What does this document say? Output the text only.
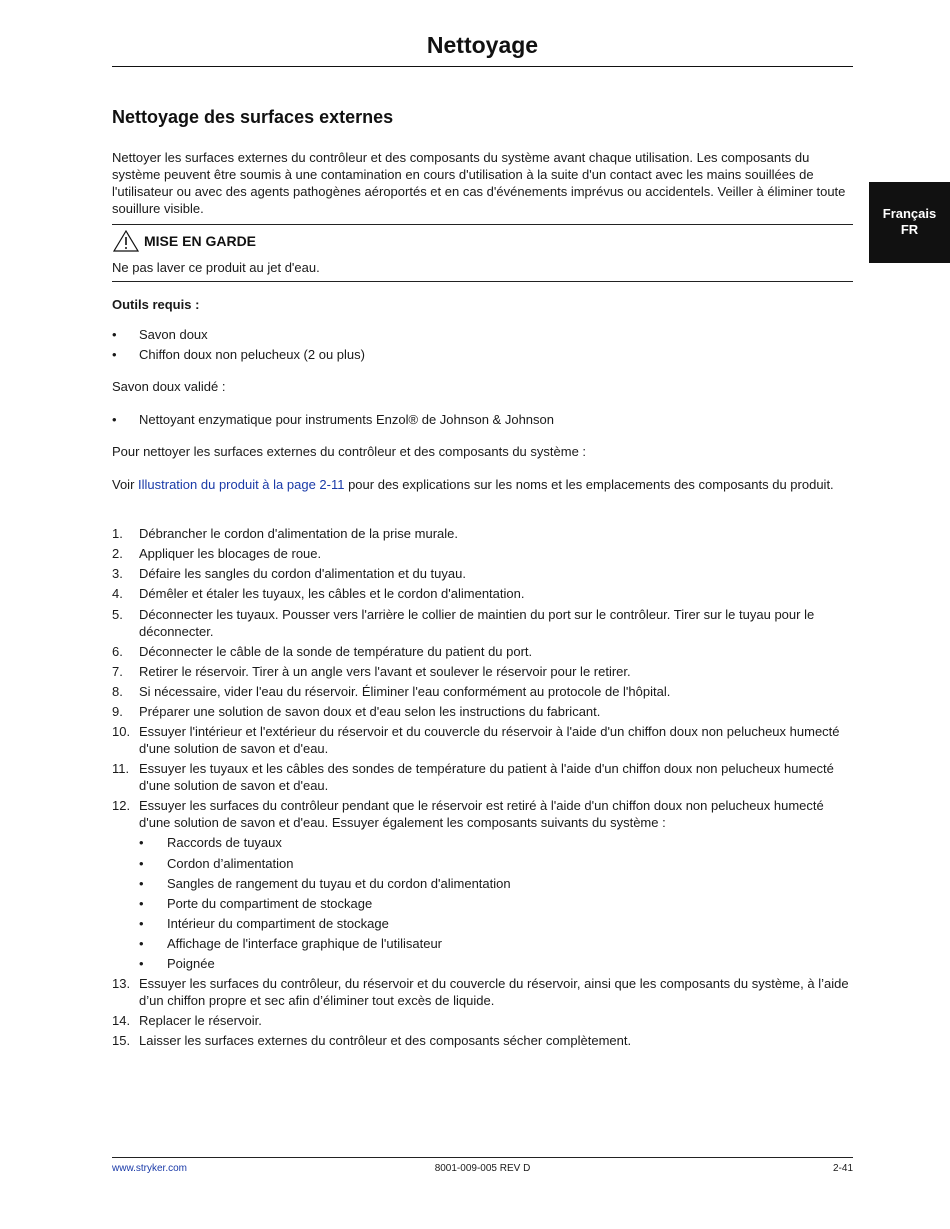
Nettoyage
Nettoyage des surfaces externes

Nettoyer les surfaces externes du contrôleur et des composants du système avant chaque utilisation. Les composants du système peuvent être soumis à une contamination en cours d'utilisation à la suite d'un contact avec les mains souillées de l'utilisateur ou avec des agents pathogènes aéroportés et en cas d'événements imprévus ou accidentels. Veiller à éliminer toute souillure visible.	Français
FR
MISE EN GARDE
Ne pas laver ce produit au jet d'eau.
Outils requis :
•	Savon doux
•	Chiffon doux non pelucheux (2 ou plus)
Savon doux validé :
•	Nettoyant enzymatique pour instruments Enzol® de Johnson & Johnson
Pour nettoyer les surfaces externes du contrôleur et des composants du système :
Voir Illustration du produit à la page 2-11 pour des explications sur les noms et les emplacements des composants du produit.
1. Débrancher le cordon d'alimentation de la prise murale.
2. Appliquer les blocages de roue.
3. Défaire les sangles du cordon d'alimentation et du tuyau.
4. Démêler et étaler les tuyaux, les câbles et le cordon d'alimentation.
5. Déconnecter les tuyaux. Pousser vers l'arrière le collier de maintien du port sur le contrôleur. Tirer sur le tuyau pour le déconnecter.
6. Déconnecter le câble de la sonde de température du patient du port.
7. Retirer le réservoir. Tirer à un angle vers l'avant et soulever le réservoir pour le retirer.
8. Si nécessaire, vider l'eau du réservoir. Éliminer l'eau conformément au protocole de l'hôpital.
9. Préparer une solution de savon doux et d'eau selon les instructions du fabricant.
10. Essuyer l'intérieur et l'extérieur du réservoir et du couvercle du réservoir à l'aide d'un chiffon doux non pelucheux humecté d'une solution de savon et d'eau.
11. Essuyer les tuyaux et les câbles des sondes de température du patient à l'aide d'un chiffon doux non pelucheux humecté d'une solution de savon et d'eau.
12. Essuyer les surfaces du contrôleur pendant que le réservoir est retiré à l'aide d'un chiffon doux non pelucheux humecté d'une solution de savon et d'eau. Essuyer également les composants suivants du système :
• Raccords de tuyaux
• Cordon d’alimentation
• Sangles de rangement du tuyau et du cordon d'alimentation
• Porte du compartiment de stockage
• Intérieur du compartiment de stockage
• Affichage de l'interface graphique de l'utilisateur
• Poignée
13. Essuyer les surfaces du contrôleur, du réservoir et du couvercle du réservoir, ainsi que les composants du système, à l’aide d’un chiffon propre et sec afin d’éliminer tout excès de liquide.
14. Replacer le réservoir.
15. Laisser les surfaces externes du contrôleur et des composants sécher complètement.
www.stryker.com	8001-009-005 REV D	2-41
